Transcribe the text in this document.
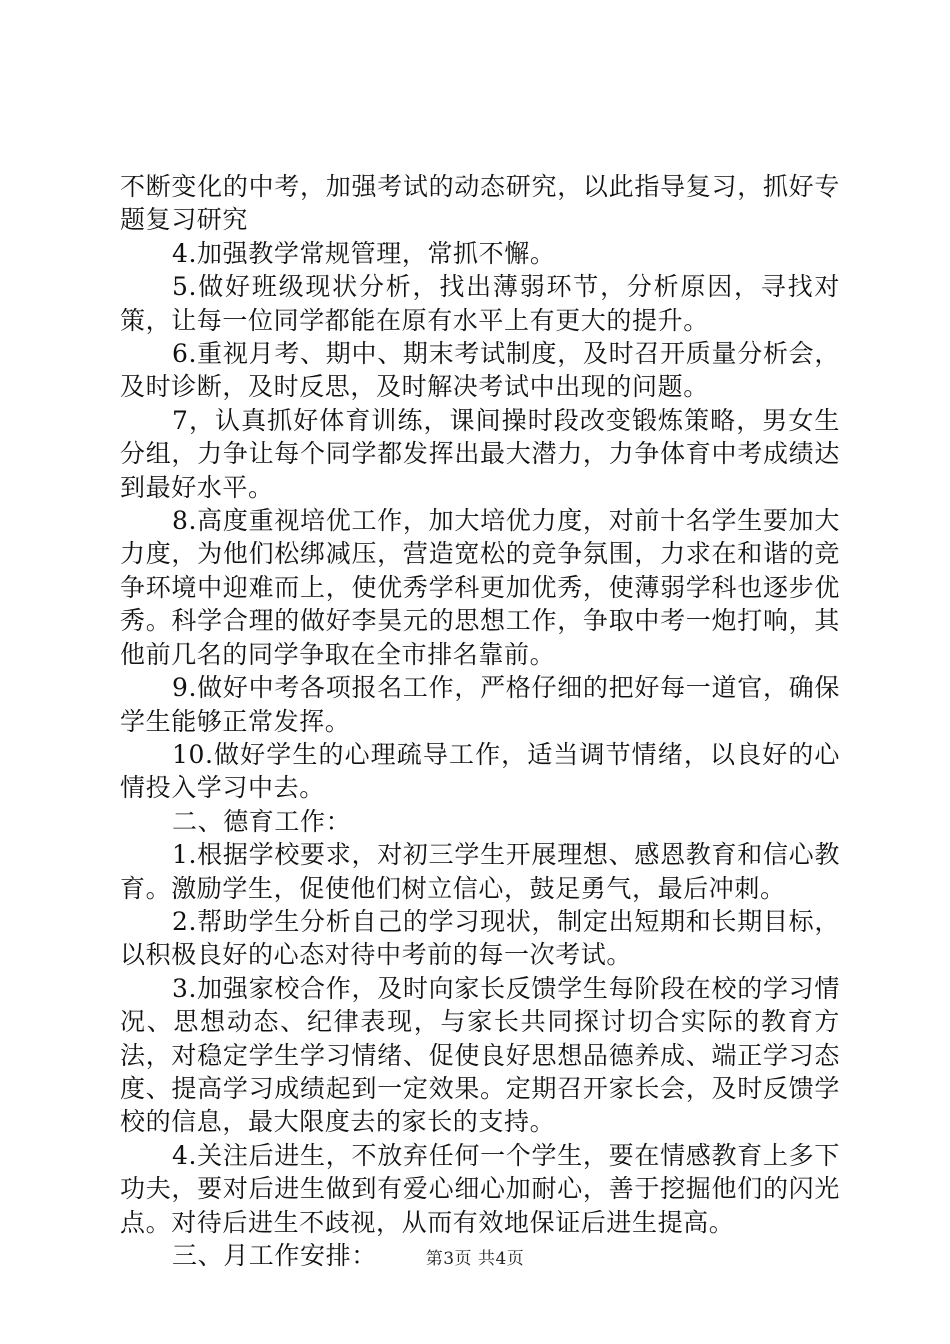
不断变化的中考，加强考试的动态研究，以此指导复习，抓好专题复习研究

4.加强教学常规管理，常抓不懈。

5.做好班级现状分析，找出薄弱环节，分析原因，寻找对策，让每一位同学都能在原有水平上有更大的提升。

6.重视月考、期中、期末考试制度，及时召开质量分析会，及时诊断，及时反思，及时解决考试中出现的问题。

7，认真抓好体育训练，课间操时段改变锻炼策略，男女生分组，力争让每个同学都发挥出最大潜力，力争体育中考成绩达到最好水平。

8.高度重视培优工作，加大培优力度，对前十名学生要加大力度，为他们松绑减压，营造宽松的竞争氛围，力求在和谐的竞争环境中迎难而上，使优秀学科更加优秀，使薄弱学科也逐步优秀。科学合理的做好李昊元的思想工作，争取中考一炮打响，其他前几名的同学争取在全市排名靠前。

9.做好中考各项报名工作，严格仔细的把好每一道官，确保学生能够正常发挥。

10.做好学生的心理疏导工作，适当调节情绪，以良好的心情投入学习中去。

二、德育工作：

1.根据学校要求，对初三学生开展理想、感恩教育和信心教育。激励学生，促使他们树立信心，鼓足勇气，最后冲刺。

2.帮助学生分析自己的学习现状，制定出短期和长期目标，以积极良好的心态对待中考前的每一次考试。

3.加强家校合作，及时向家长反馈学生每阶段在校的学习情况、思想动态、纪律表现，与家长共同探讨切合实际的教育方法，对稳定学生学习情绪、促使良好思想品德养成、端正学习态度、提高学习成绩起到一定效果。定期召开家长会，及时反馈学校的信息，最大限度去的家长的支持。

4.关注后进生，不放弃任何一个学生，要在情感教育上多下功夫，要对后进生做到有爱心细心加耐心，善于挖掘他们的闪光点。对待后进生不歧视，从而有效地保证后进生提高。

三、月工作安排：	第3页 共4页
